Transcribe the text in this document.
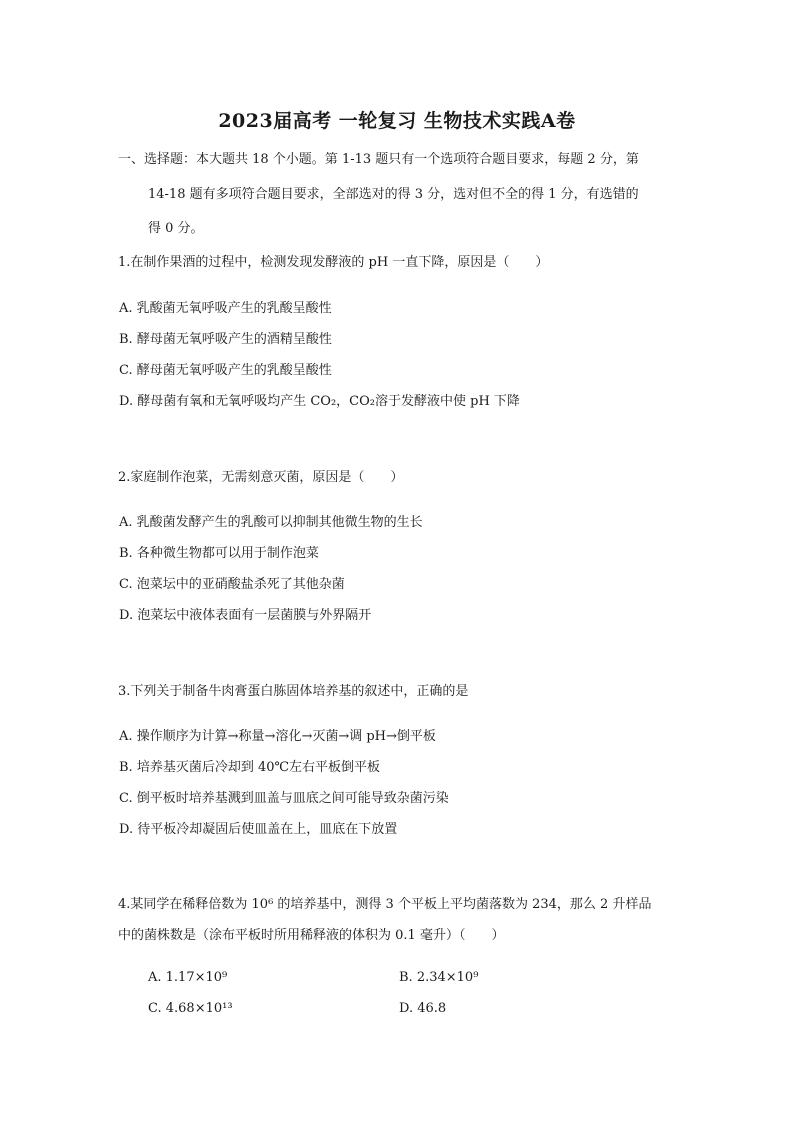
2023届高考 一轮复习 生物技术实践A卷
一、选择题：本大题共 18 个小题。第 1-13 题只有一个选项符合题目要求，每题 2 分，第
14-18 题有多项符合题目要求，全部选对的得 3 分，选对但不全的得 1 分，有选错的
得 0 分。
1.在制作果酒的过程中，检测发现发酵液的 pH 一直下降，原因是（　　）
A. 乳酸菌无氧呼吸产生的乳酸呈酸性
B. 酵母菌无氧呼吸产生的酒精呈酸性
C. 酵母菌无氧呼吸产生的乳酸呈酸性
D. 酵母菌有氧和无氧呼吸均产生 CO₂，CO₂溶于发酵液中使 pH 下降
2.家庭制作泡菜，无需刻意灭菌，原因是（　　）
A. 乳酸菌发酵产生的乳酸可以抑制其他微生物的生长
B. 各种微生物都可以用于制作泡菜
C. 泡菜坛中的亚硝酸盐杀死了其他杂菌
D. 泡菜坛中液体表面有一层菌膜与外界隔开
3.下列关于制备牛肉膏蛋白胨固体培养基的叙述中，正确的是
A. 操作顺序为计算→称量→溶化→灭菌→调 pH→倒平板
B. 培养基灭菌后冷却到 40℃左右平板倒平板
C. 倒平板时培养基溅到皿盖与皿底之间可能导致杂菌污染
D. 待平板冷却凝固后使皿盖在上，皿底在下放置
4.某同学在稀释倍数为 10⁶ 的培养基中，测得 3 个平板上平均菌落数为 234，那么 2 升样品
中的菌株数是（涂布平板时所用稀释液的体积为 0.1 毫升）（　　）
A. 1.17×10⁹	B. 2.34×10⁹
C. 4.68×10¹³	D. 46.8
